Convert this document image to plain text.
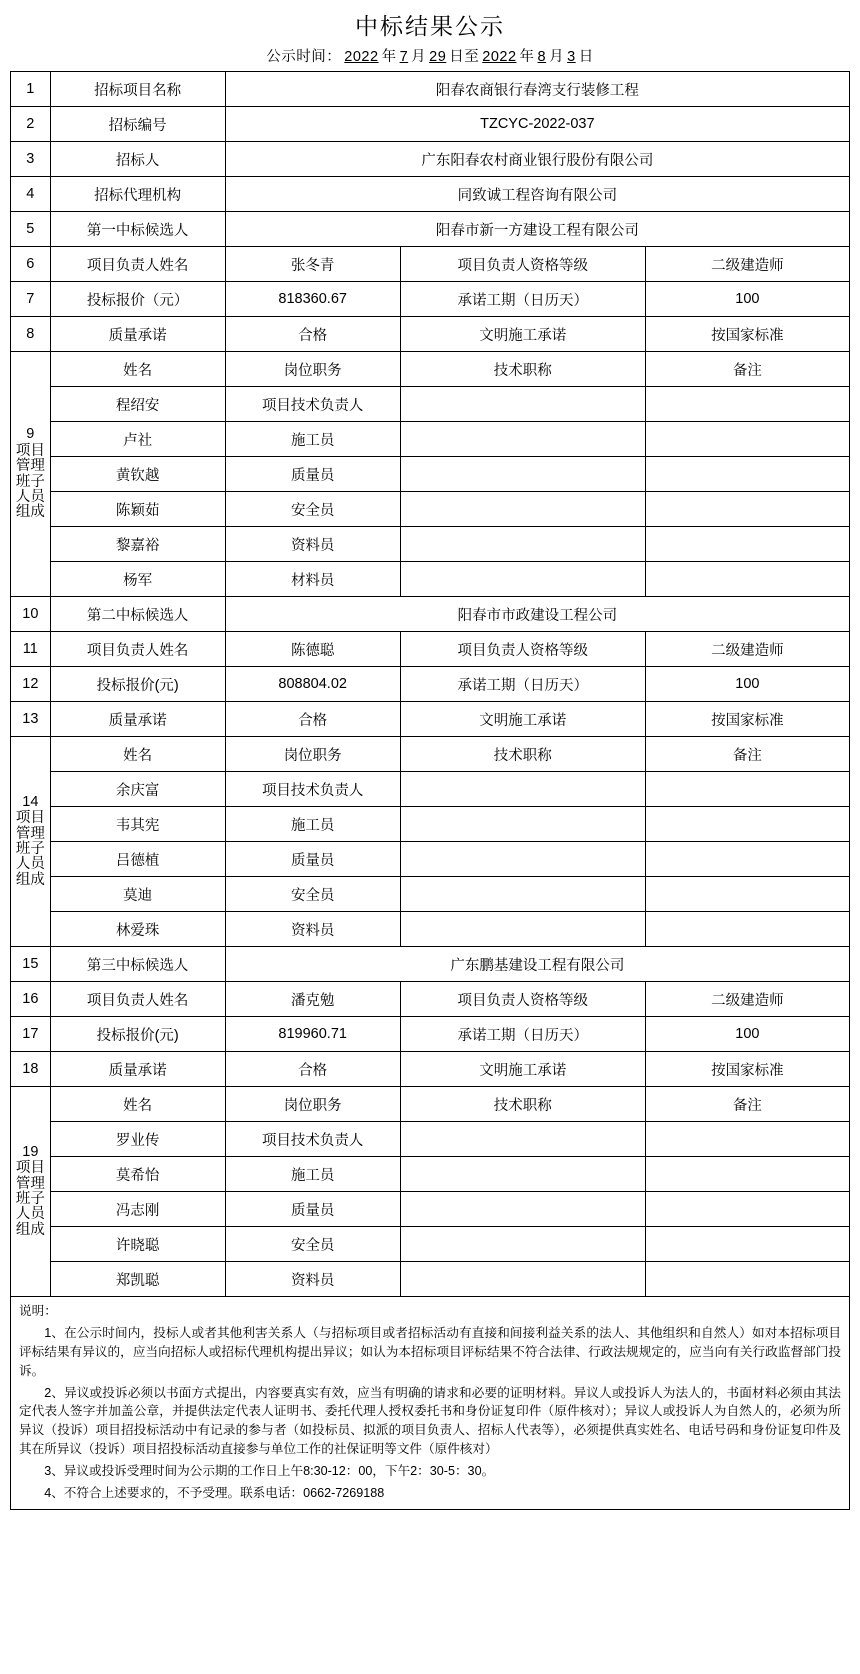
中标结果公示
公示时间： 2022 年 7 月 29 日至 2022 年 8 月 3 日
1	招标项目名称	阳春农商银行春湾支行装修工程		
2	招标编号	TZCYC-2022-037		
3	招标人	广东阳春农村商业银行股份有限公司		
4	招标代理机构	同致诚工程咨询有限公司		
5	第一中标候选人	阳春市新一方建设工程有限公司		
6	项目负责人姓名	张冬青	项目负责人资格等级	二级建造师
7	投标报价（元）	818360.67	承诺工期（日历天）	100
8	质量承诺	合格	文明施工承诺	按国家标准

9
项目管理班子人员组成	姓名	岗位职务	技术职称	备注
	程绍安	项目技术负责人		
	卢社	施工员		
	黄钦越	质量员		
	陈颖茹	安全员		
	黎嘉裕	资料员		
	杨军	材料员		
10	第二中标候选人	阳春市市政建设工程公司		
11	项目负责人姓名	陈德聪	项目负责人资格等级	二级建造师
12	投标报价(元)	808804.02	承诺工期（日历天）	100
13	质量承诺	合格	文明施工承诺	按国家标准

14
项目管理班子人员组成	姓名	岗位职务	技术职称	备注
	余庆富	项目技术负责人		
	韦其宪	施工员		
	吕德植	质量员		
	莫迪	安全员		
	林爱珠	资料员		
15	第三中标候选人	广东鹏基建设工程有限公司		
16	项目负责人姓名	潘克勉	项目负责人资格等级	二级建造师
17	投标报价(元)	819960.71	承诺工期（日历天）	100
18	质量承诺	合格	文明施工承诺	按国家标准

19
项目管理班子人员组成	姓名	岗位职务	技术职称	备注
	罗业传	项目技术负责人		
	莫希怡	施工员		
	冯志刚	质量员		
	许晓聪	安全员		
	郑凯聪	资料员		
说明：
1、在公示时间内，投标人或者其他利害关系人（与招标项目或者招标活动有直接和间接利益关系的法人、其他组织和自然人）如对本招标项目评标结果有异议的，应当向招标人或招标代理机构提出异议；如认为本招标项目评标结果不符合法律、行政法规规定的，应当向有关行政监督部门投诉。
2、异议或投诉必须以书面方式提出，内容要真实有效，应当有明确的请求和必要的证明材料。异议人或投诉人为法人的，书面材料必须由其法定代表人签字并加盖公章，并提供法定代表人证明书、委托代理人授权委托书和身份证复印件（原件核对）；异议人或投诉人为自然人的，必须为所异议（投诉）项目招投标活动中有记录的参与者（如投标员、拟派的项目负责人、招标人代表等），必须提供真实姓名、电话号码和身份证复印件及其在所异议（投诉）项目招投标活动直接参与单位工作的社保证明等文件（原件核对）
3、异议或投诉受理时间为公示期的工作日上午8:30-12：00，下午2：30-5：30。
4、不符合上述要求的，不予受理。联系电话：0662-7269188
